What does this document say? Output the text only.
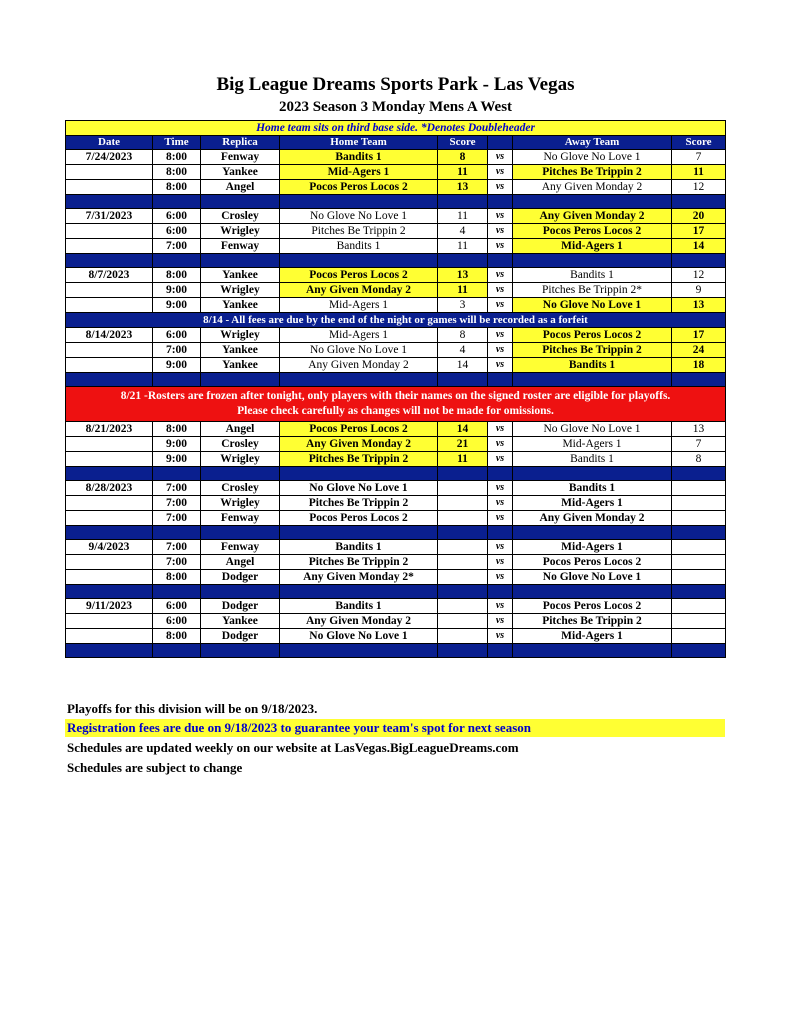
Big League Dreams Sports Park - Las Vegas
2023 Season 3 Monday Mens A West
Home team sits on third base side. *Denotes Doubleheader							
Date	Time	Replica	Home Team	Score		Away Team	Score
7/24/2023	8:00	Fenway	Bandits 1	8	vs	No Glove No Love 1	7
	8:00	Yankee	Mid-Agers 1	11	vs	Pitches Be Trippin 2	11
	8:00	Angel	Pocos Peros Locos 2	13	vs	Any Given Monday 2	12

7/31/2023	6:00	Crosley	No Glove No Love 1	11	vs	Any Given Monday 2	20
	6:00	Wrigley	Pitches Be Trippin 2	4	vs	Pocos Peros Locos 2	17
	7:00	Fenway	Bandits 1	11	vs	Mid-Agers 1	14

8/7/2023	8:00	Yankee	Pocos Peros Locos 2	13	vs	Bandits 1	12
	9:00	Wrigley	Any Given Monday 2	11	vs	Pitches Be Trippin 2*	9
	9:00	Yankee	Mid-Agers 1	3	vs	No Glove No Love 1	13
8/14 - All fees are due by the end of the night or games will be recorded as a forfeit							
8/14/2023	6:00	Wrigley	Mid-Agers 1	8	vs	Pocos Peros Locos 2	17
	7:00	Yankee	No Glove No Love 1	4	vs	Pitches Be Trippin 2	24
	9:00	Yankee	Any Given Monday 2	14	vs	Bandits 1	18

8/21 -Rosters are frozen after tonight, only players with their names on the signed roster are eligible for playoffs.
Please check carefully as changes will not be made for omissions.							

8/21/2023	8:00	Angel	Pocos Peros Locos 2	14	vs	No Glove No Love 1	13
	9:00	Crosley	Any Given Monday 2	21	vs	Mid-Agers 1	7
	9:00	Wrigley	Pitches Be Trippin 2	11	vs	Bandits 1	8

8/28/2023	7:00	Crosley	No Glove No Love 1		vs	Bandits 1	
	7:00	Wrigley	Pitches Be Trippin 2		vs	Mid-Agers 1	
	7:00	Fenway	Pocos Peros Locos 2		vs	Any Given Monday 2	

9/4/2023	7:00	Fenway	Bandits 1		vs	Mid-Agers 1	
	7:00	Angel	Pitches Be Trippin 2		vs	Pocos Peros Locos 2	
	8:00	Dodger	Any Given Monday 2*		vs	No Glove No Love 1	

9/11/2023	6:00	Dodger	Bandits 1		vs	Pocos Peros Locos 2	
	6:00	Yankee	Any Given Monday 2		vs	Pitches Be Trippin 2	
	8:00	Dodger	No Glove No Love 1		vs	Mid-Agers 1	

Playoffs for this division will be on 9/18/2023.
Registration fees are due on 9/18/2023 to guarantee your team's spot for next season
Schedules are updated weekly on our website at LasVegas.BigLeagueDreams.com
Schedules are subject to change
